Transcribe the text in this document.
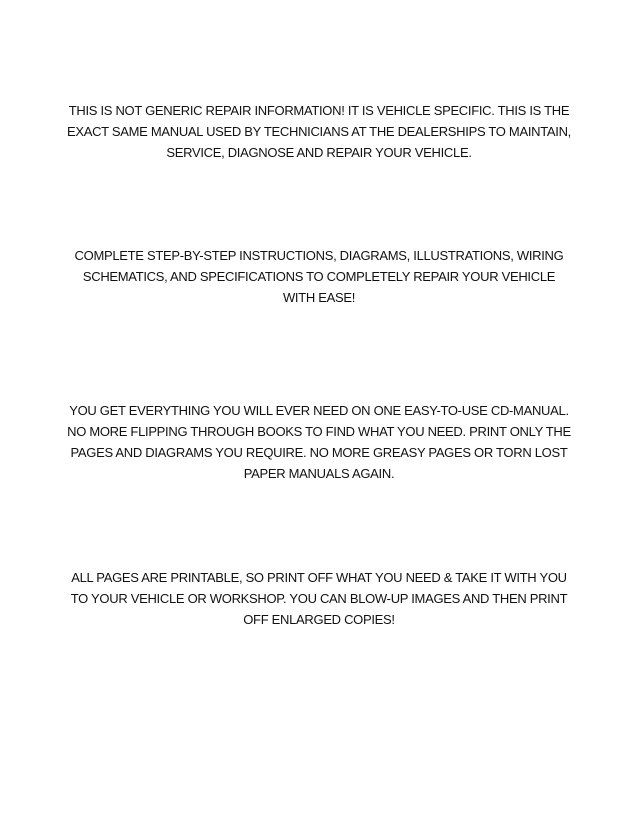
THIS IS NOT GENERIC REPAIR INFORMATION! IT IS VEHICLE SPECIFIC. THIS IS THE EXACT SAME MANUAL USED BY TECHNICIANS AT THE DEALERSHIPS TO MAINTAIN, SERVICE, DIAGNOSE AND REPAIR YOUR VEHICLE.

COMPLETE STEP-BY-STEP INSTRUCTIONS, DIAGRAMS, ILLUSTRATIONS, WIRING SCHEMATICS, AND SPECIFICATIONS TO COMPLETELY REPAIR YOUR VEHICLE WITH EASE!

YOU GET EVERYTHING YOU WILL EVER NEED ON ONE EASY-TO-USE CD-MANUAL. NO MORE FLIPPING THROUGH BOOKS TO FIND WHAT YOU NEED. PRINT ONLY THE PAGES AND DIAGRAMS YOU REQUIRE. NO MORE GREASY PAGES OR TORN LOST PAPER MANUALS AGAIN.

ALL PAGES ARE PRINTABLE, SO PRINT OFF WHAT YOU NEED & TAKE IT WITH YOU TO YOUR VEHICLE OR WORKSHOP. YOU CAN BLOW-UP IMAGES AND THEN PRINT OFF ENLARGED COPIES!
